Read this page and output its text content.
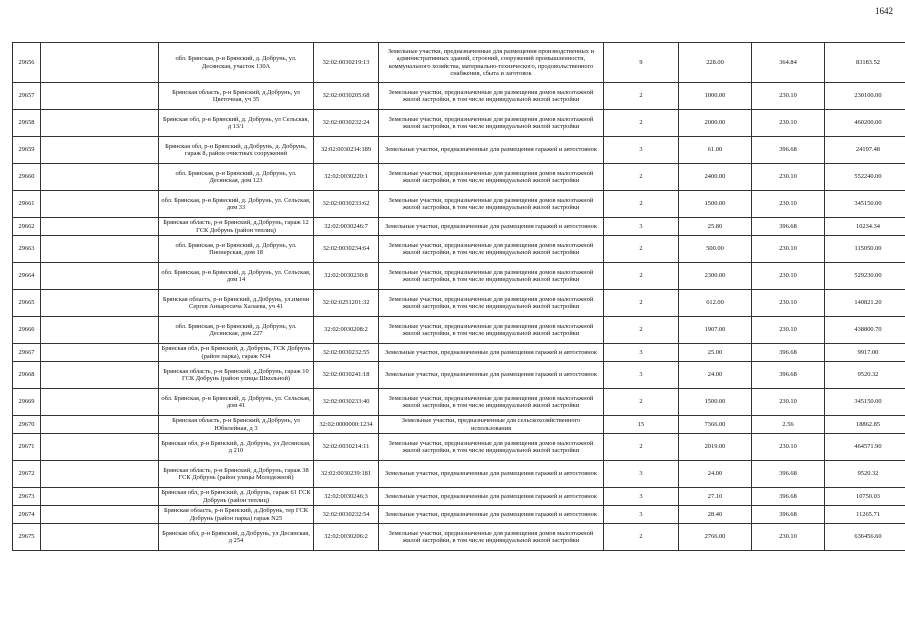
1642
29656		обл. Брянская, р-н Брянский, д. Добрунь, ул. Десянская, участок 130А	32:02:0030219:13	Земельные участки, предназначенные для размещения производственных и административных зданий, строений, сооружений промышленности, коммунального хозяйства, материально-технического, продовольственного снабжения, сбыта и заготовок	9	228.00	364.84	83183.52
29657		Брянская область, р-н Брянский, д.Добрунь, ул Цветочная, уч 35	32:02:0030205:68	Земельные участки, предназначенные для размещения домов малоэтажной жилой застройки, в том числе индивидуальной жилой застройки	2	1000.00	230.10	230100.00
29658		Брянская обл, р-н Брянский, д. Добрунь, ул Сельская, д 13/1	32:02:0030232:24	Земельные участки, предназначенные для размещения домов малоэтажной жилой застройки, в том числе индивидуальной жилой застройки	2	2000.00	230.10	460200.00
29659		Брянская обл, р-н Брянский, д.Добрунь, д. Добрунь, гараж 8, район очистных сооружений	32:02:0030234:189	Земельные участки, предназначенные для размещения гаражей и автостоянок	3	61.00	396.68	24197.48
29660		обл. Брянская, р-н Брянский, д. Добрунь, ул. Десянская, дом 123	32:02:0030220:1	Земельные участки, предназначенные для размещения домов малоэтажной жилой застройки, в том числе индивидуальной жилой застройки	2	2400.00	230.10	552240.00
29661		обл. Брянская, р-н Брянский, д. Добрунь, ул. Сельская, дом 33	32:02:0030233:62	Земельные участки, предназначенные для размещения домов малоэтажной жилой застройки, в том числе индивидуальной жилой застройки	2	1500.00	230.10	345150.00
29662		Брянская область, р-н Брянский, д.Добрунь, гараж 12 ГСК Добрунь (район теплиц)	32:02:0030246:7	Земельные участки, предназначенные для размещения гаражей и автостоянок	3	25.80	396.68	10234.34
29663		обл. Брянская, р-н Брянский, д. Добрунь, ул. Пионерская, дом 18	32:02:0030234:64	Земельные участки, предназначенные для размещения домов малоэтажной жилой застройки, в том числе индивидуальной жилой застройки	2	500.00	230.10	115050.00
29664		обл. Брянская, р-н Брянский, д. Добрунь, ул. Сельская, дом 14	32:02:0030230:8	Земельные участки, предназначенные для размещения домов малоэтажной жилой застройки, в том числе индивидуальной жилой застройки	2	2300.00	230.10	529230.00
29665		Брянская область, р-н Брянский, д.Добрунь, ул.имени Сергея Анкаресича Халаева, уч 41	32:02:0251201:32	Земельные участки, предназначенные для размещения домов малоэтажной жилой застройки, в том числе индивидуальной жилой застройки	2	612.00	230.10	140821.20
29666		обл. Брянская, р-н Брянский, д. Добрунь, ул. Десянская, дом 227	32:02:0030208:2	Земельные участки, предназначенные для размещения домов малоэтажной жилой застройки, в том числе индивидуальной жилой застройки	2	1907.00	230.10	438800.70
29667		Брянская обл, р-н Брянский, д. Добрунь, ГСК Добрунь (район парка), гараж N34	32:02:0030232:55	Земельные участки, предназначенные для размещения гаражей и автостоянок	3	25.00	396.68	9917.00
29668		Брянская область, р-н Брянский, д.Добрунь, гараж 10 ГСК Добрунь (район улицы Школьной)	32:02:0030241:18	Земельные участки, предназначенные для размещения гаражей и автостоянок	3	24.00	396.68	9520.32
29669		обл. Брянская, р-н Брянский, д. Добрунь, ул. Сельская, дом 41	32:02:0030233:40	Земельные участки, предназначенные для размещения домов малоэтажной жилой застройки, в том числе индивидуальной жилой застройки	2	1500.00	230.10	345150.00
29670		Брянская область, р-н Брянский, д.Добрунь, ул Юбилейная, д 3	32:02:0000000:1234	Земельные участки, предназначенные для сельскохозяйственного использования	15	7366.00	2.56	18862.85
29671		Брянская обл, р-н Брянский, д. Добрунь, ул Десянская, д 210	32:02:0030214:11	Земельные участки, предназначенные для размещения домов малоэтажной жилой застройки, в том числе индивидуальной жилой застройки	2	2019.00	230.10	464571.90
29672		Брянская область, р-н Брянский, д.Добрунь, гараж 38 ГСК Добрунь (район улицы Молодежной)	32:02:0030239:181	Земельные участки, предназначенные для размещения гаражей и автостоянок	3	24.00	396.68	9520.32
29673		Брянская обл, р-н Брянский, д. Добрунь, гараж 61 ГСК Добрунь (район теплиц)	32:02:0030246:3	Земельные участки, предназначенные для размещения гаражей и автостоянок	3	27.10	396.68	10750.03
29674		Брянская область, р-н Брянский, д.Добрунь, тер ГСК Добрунь (район парка) гараж N25	32:02:0030232:54	Земельные участки, предназначенные для размещения гаражей и автостоянок	3	28.40	396.68	11265.71
29675		Брянская обл, р-н Брянский, д.Добрунь, ул Десянская, д 254	32:02:0030206:2	Земельные участки, предназначенные для размещения домов малоэтажной жилой застройки, в том числе индивидуальной жилой застройки	2	2766.00	230.10	636456.60
